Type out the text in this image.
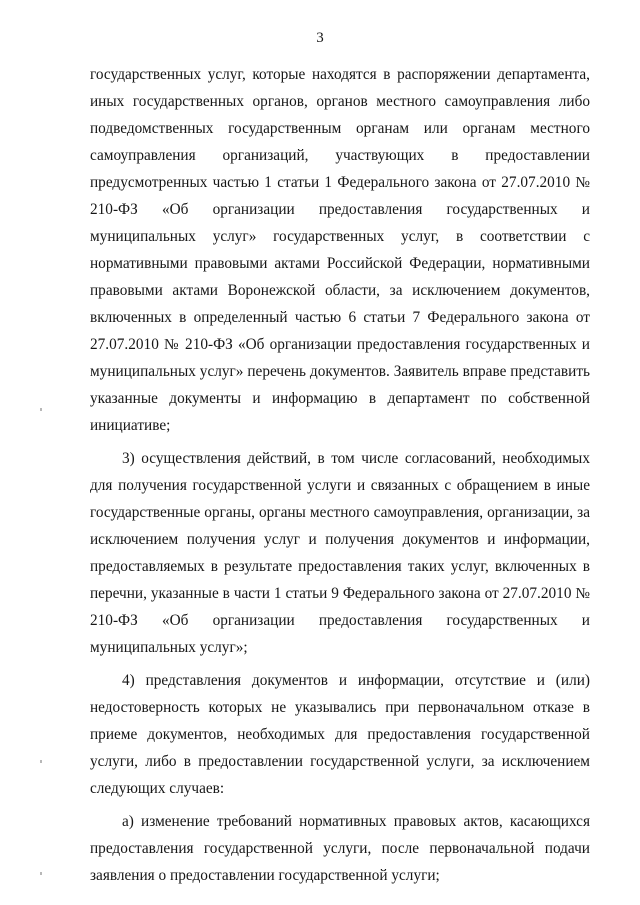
3

государственных услуг, которые находятся в распоряжении департамента, иных государственных органов, органов местного самоуправления либо подведомственных государственным органам или органам местного самоуправления организаций, участвующих в предоставлении предусмотренных частью 1 статьи 1 Федерального закона от 27.07.2010 № 210-ФЗ «Об организации предоставления государственных и муниципальных услуг» государственных услуг, в соответствии с нормативными правовыми актами Российской Федерации, нормативными правовыми актами Воронежской области, за исключением документов, включенных в определенный частью 6 статьи 7 Федерального закона от 27.07.2010 № 210-ФЗ «Об организации предоставления государственных и муниципальных услуг» перечень документов. Заявитель вправе представить указанные документы и информацию в департамент по собственной инициативе;

3) осуществления действий, в том числе согласований, необходимых для получения государственной услуги и связанных с обращением в иные государственные органы, органы местного самоуправления, организации, за исключением получения услуг и получения документов и информации, предоставляемых в результате предоставления таких услуг, включенных в перечни, указанные в части 1 статьи 9 Федерального закона от 27.07.2010 № 210-ФЗ «Об организации предоставления государственных и муниципальных услуг»;

4) представления документов и информации, отсутствие и (или) недостоверность которых не указывались при первоначальном отказе в приеме документов, необходимых для предоставления государственной услуги, либо в предоставлении государственной услуги, за исключением следующих случаев:

а) изменение требований нормативных правовых актов, касающихся предоставления государственной услуги, после первоначальной подачи заявления о предоставлении государственной услуги;
